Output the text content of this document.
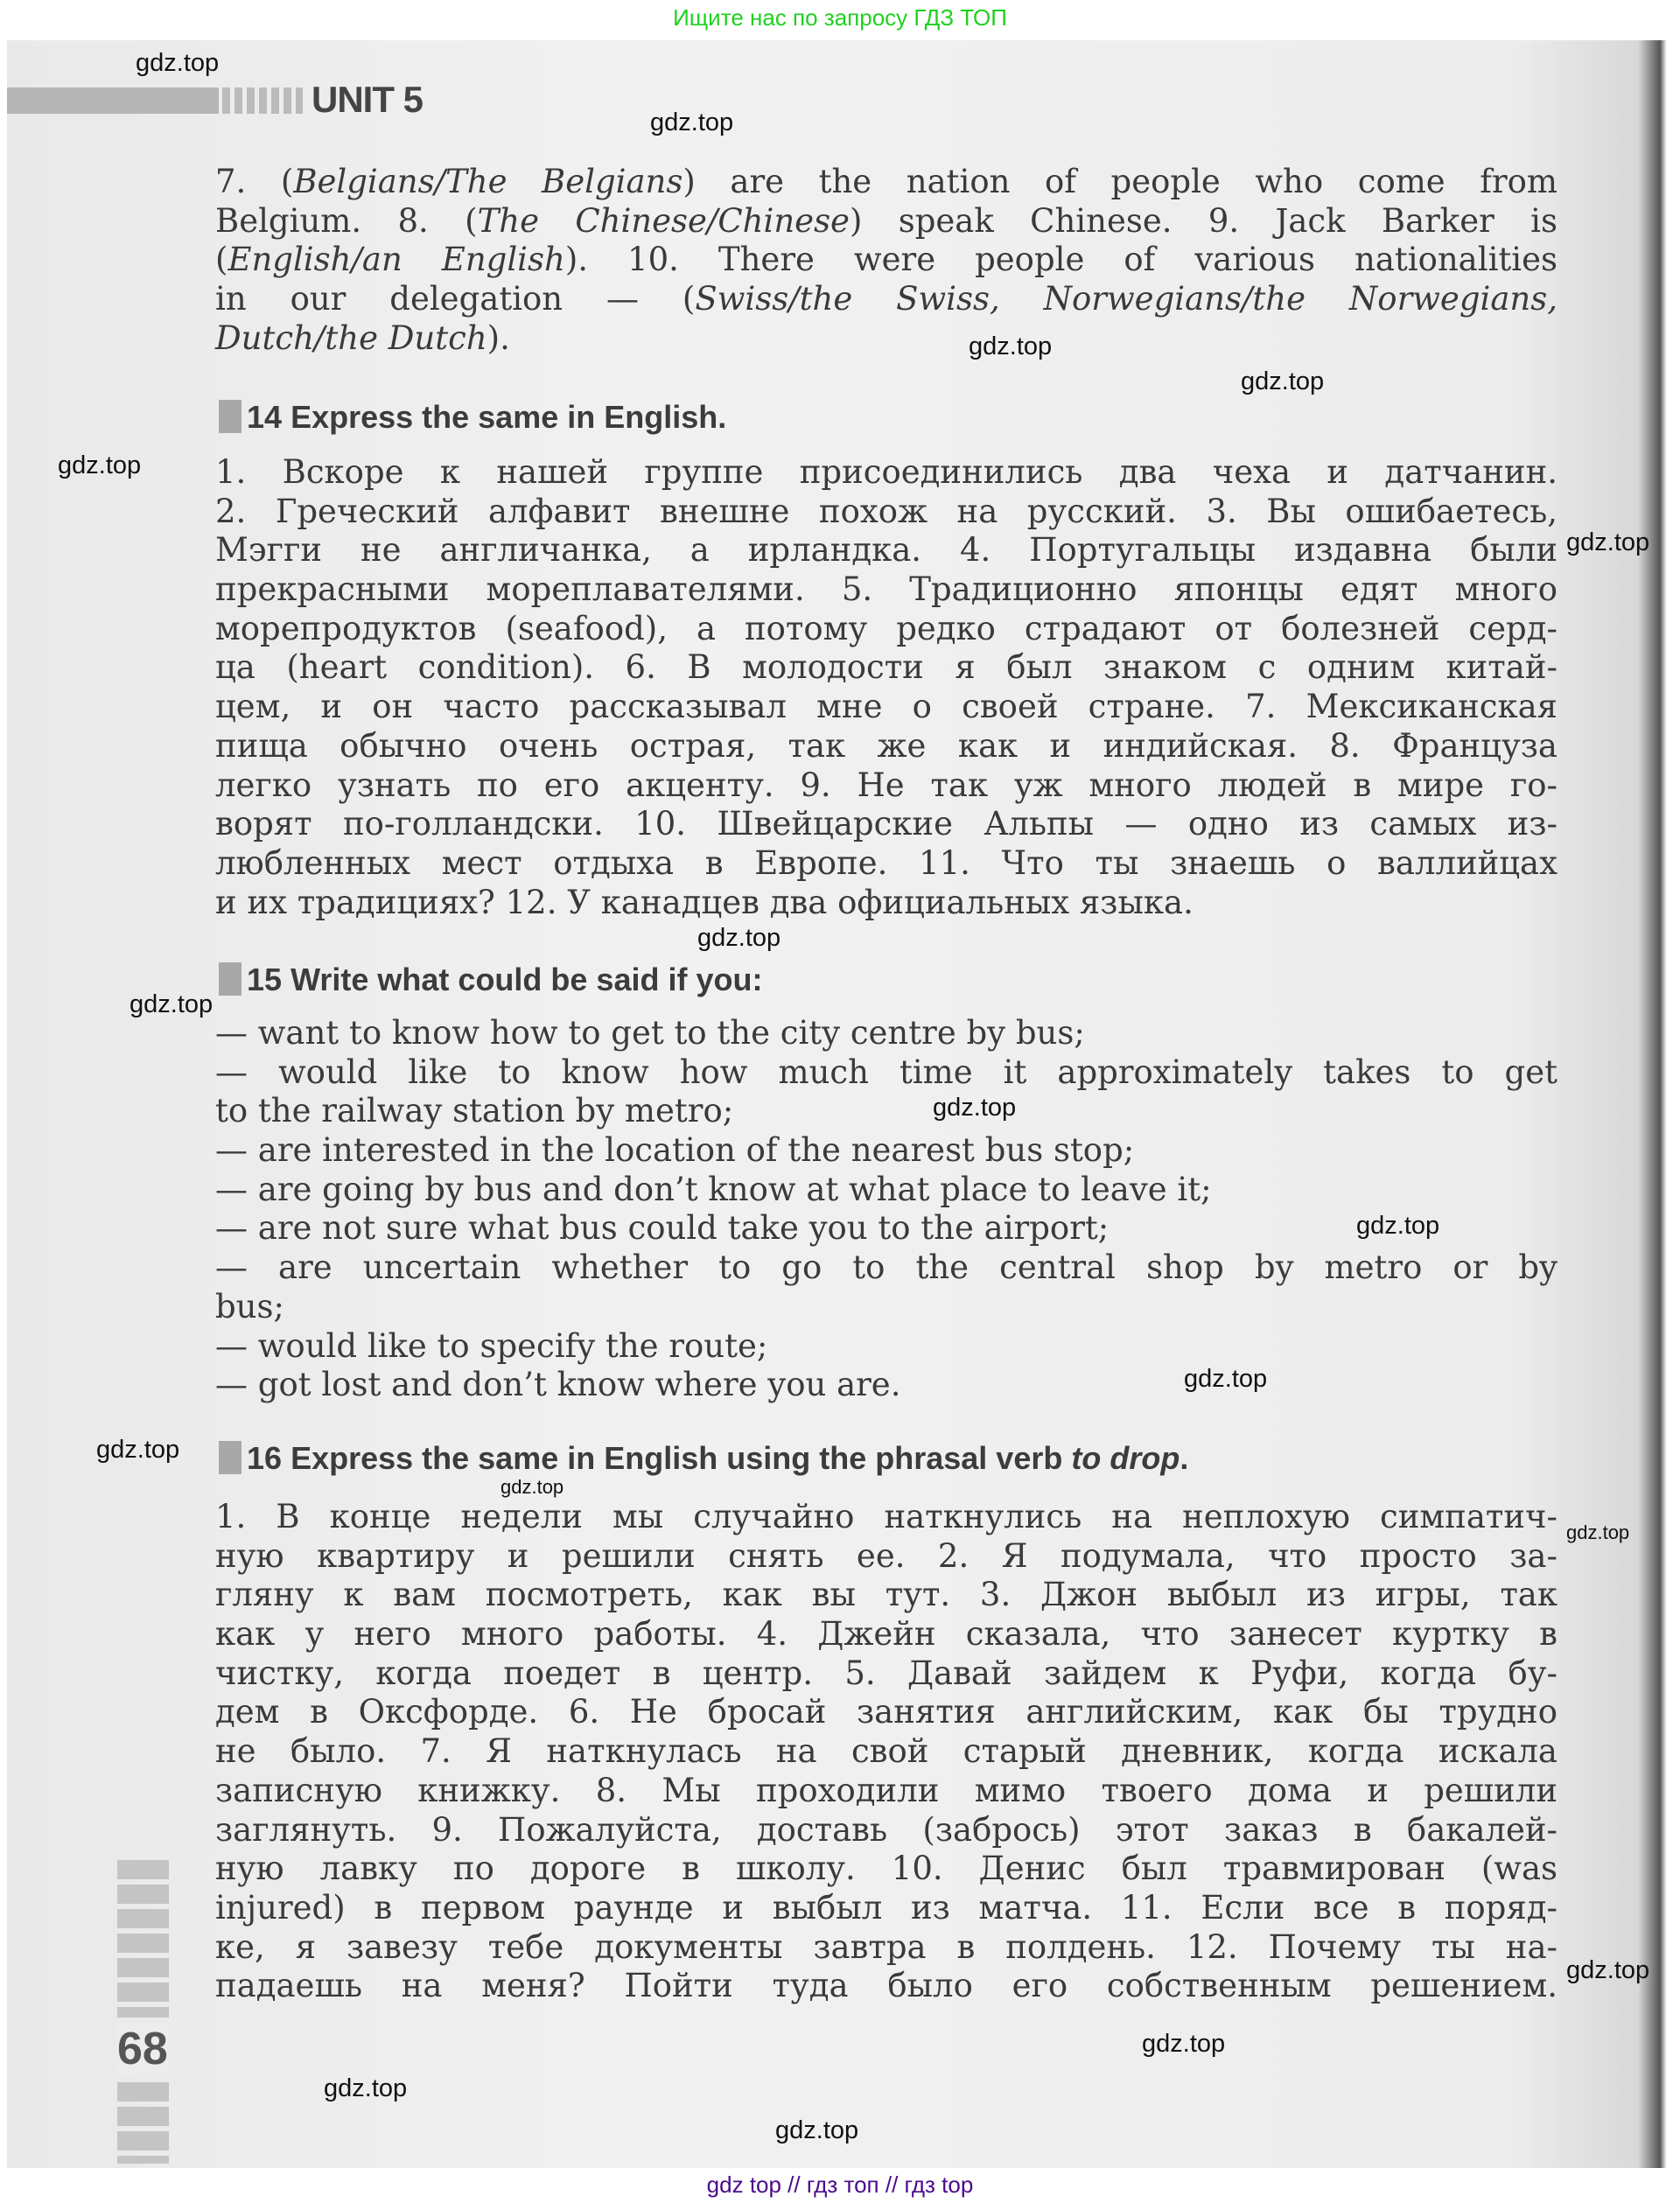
Ищите нас по запросу ГДЗ ТОП
UNIT 5
7. (Belgians/The Belgians) are the nation of people who come from
Belgium. 8. (The Chinese/Chinese) speak Chinese. 9. Jack Barker is
(English/an English). 10. There were people of various nationalities
in our delegation — (Swiss/the Swiss, Norwegians/the Norwegians,
Dutch/the Dutch).
14 Express the same in English.
1. Вскоре к нашей группе присоединились два чеха и датчанин.
2. Греческий алфавит внешне похож на русский. 3. Вы ошибаетесь,
Мэгги не англичанка, а ирландка. 4. Португальцы издавна были
прекрасными мореплавателями. 5. Традиционно японцы едят много
морепродуктов (seafood), а потому редко страдают от болезней серд-
ца (heart condition). 6. В молодости я был знаком с одним китай-
цем, и он часто рассказывал мне о своей стране. 7. Мексиканская
пища обычно очень острая, так же как и индийская. 8. Француза
легко узнать по его акценту. 9. Не так уж много людей в мире го-
ворят по-голландски. 10. Швейцарские Альпы — одно из самых из-
любленных мест отдыха в Европе. 11. Что ты знаешь о валлийцах
и их традициях? 12. У канадцев два официальных языка.
15 Write what could be said if you:
— want to know how to get to the city centre by bus;
— would like to know how much time it approximately takes to get
to the railway station by metro;
— are interested in the location of the nearest bus stop;
— are going by bus and don’t know at what place to leave it;
— are not sure what bus could take you to the airport;
— are uncertain whether to go to the central shop by metro or by
bus;
— would like to specify the route;
— got lost and don’t know where you are.
16 Express the same in English using the phrasal verb to drop.
1. В конце недели мы случайно наткнулись на неплохую симпатич-
ную квартиру и решили снять ее. 2. Я подумала, что просто за-
гляну к вам посмотреть, как вы тут. 3. Джон выбыл из игры, так
как у него много работы. 4. Джейн сказала, что занесет куртку в
чистку, когда поедет в центр. 5. Давай зайдем к Руфи, когда бу-
дем в Оксфорде. 6. Не бросай занятия английским, как бы трудно
не было. 7. Я наткнулась на свой старый дневник, когда искала
записную книжку. 8. Мы проходили мимо твоего дома и решили
заглянуть. 9. Пожалуйста, доставь (забрось) этот заказ в бакалей-
ную лавку по дороге в школу. 10. Денис был травмирован (was
injured) в первом раунде и выбыл из матча. 11. Если все в поряд-
ке, я завезу тебе документы завтра в полдень. 12. Почему ты на-
падаешь на меня? Пойти туда было его собственным решением.
68
gdz.top
gdz.top
gdz.top
gdz.top
gdz.top
gdz.top
gdz.top
gdz.top
gdz.top
gdz.top
gdz.top
gdz.top
gdz.top
gdz.top
gdz.top
gdz.top
gdz.top
gdz.top
gdz top // гдз топ // гдз top
